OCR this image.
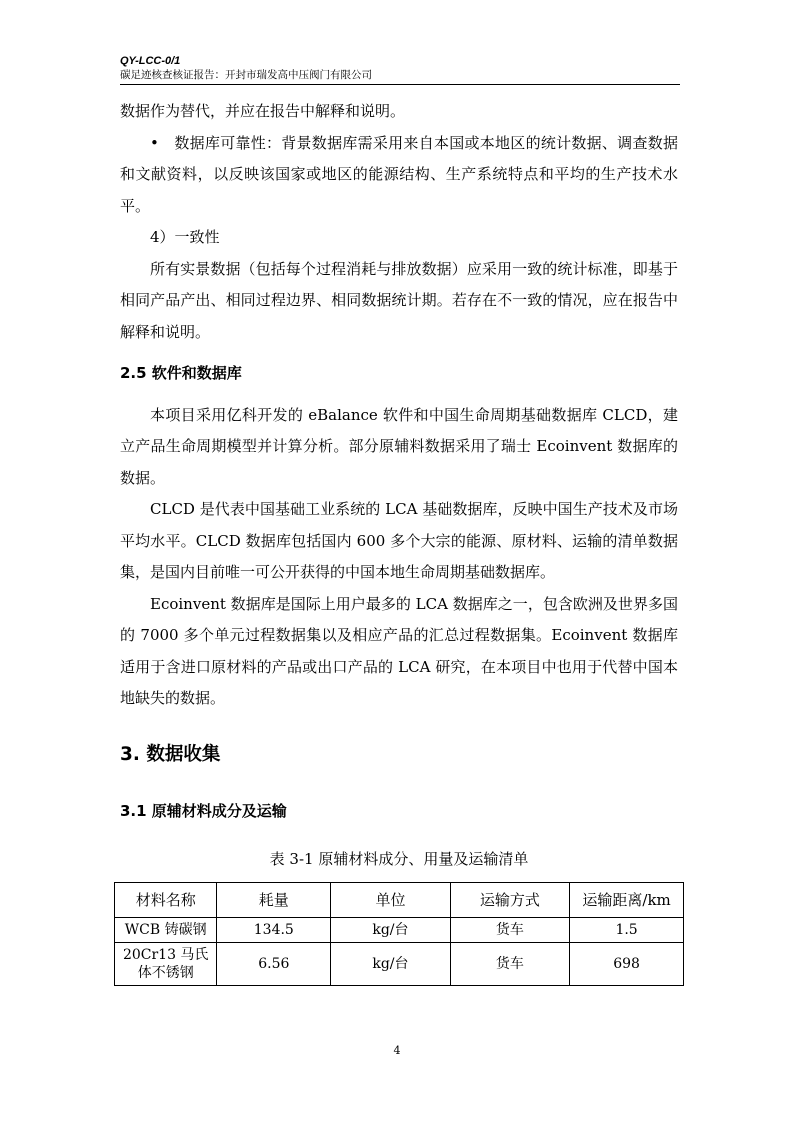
QY-LCC-0/1
碳足迹核查核证报告：开封市瑞发高中压阀门有限公司

数据作为替代，并应在报告中解释和说明。

•　数据库可靠性：背景数据库需采用来自本国或本地区的统计数据、调查数据和文献资料，以反映该国家或地区的能源结构、生产系统特点和平均的生产技术水平。

4）一致性

所有实景数据（包括每个过程消耗与排放数据）应采用一致的统计标准，即基于相同产品产出、相同过程边界、相同数据统计期。若存在不一致的情况，应在报告中解释和说明。

2.5 软件和数据库

本项目采用亿科开发的 eBalance 软件和中国生命周期基础数据库 CLCD，建立产品生命周期模型并计算分析。部分原辅料数据采用了瑞士 Ecoinvent 数据库的数据。

CLCD 是代表中国基础工业系统的 LCA 基础数据库，反映中国生产技术及市场平均水平。CLCD 数据库包括国内 600 多个大宗的能源、原材料、运输的清单数据集，是国内目前唯一可公开获得的中国本地生命周期基础数据库。

Ecoinvent 数据库是国际上用户最多的 LCA 数据库之一，包含欧洲及世界多国的 7000 多个单元过程数据集以及相应产品的汇总过程数据集。Ecoinvent 数据库适用于含进口原材料的产品或出口产品的 LCA 研究，在本项目中也用于代替中国本地缺失的数据。

3. 数据收集

3.1 原辅材料成分及运输

表 3-1 原辅材料成分、用量及运输清单
材料名称	耗量	单位	运输方式	运输距离/km
WCB 铸碳钢	134.5	kg/台	货车	1.5
20Cr13 马氏体不锈钢	6.56	kg/台	货车	698
4
